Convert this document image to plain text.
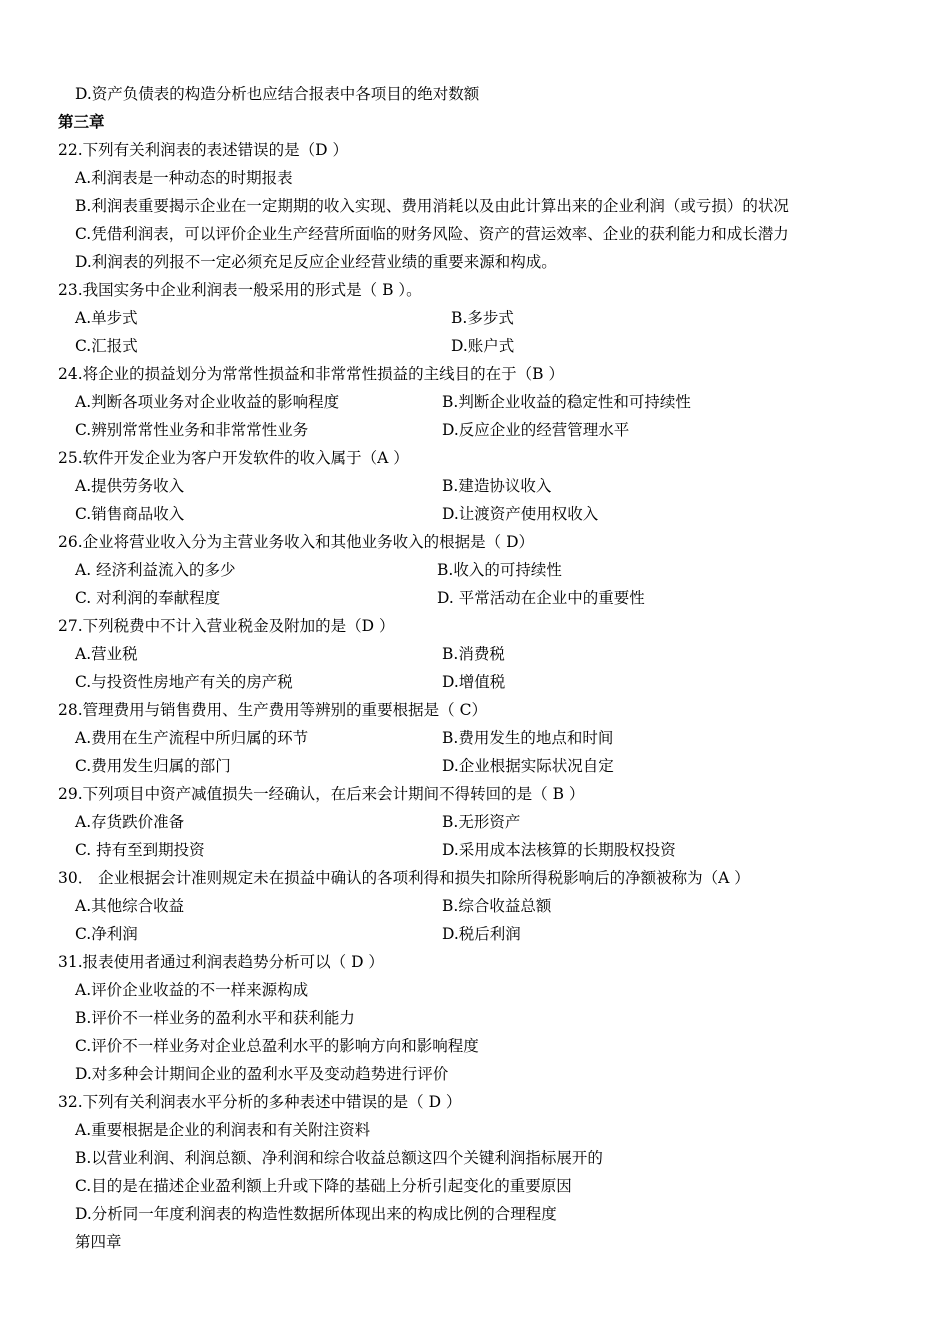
D.资产负债表的构造分析也应结合报表中各项目的绝对数额
第三章
22.下列有关利润表的表述错误的是（D ）
A.利润表是一种动态的时期报表
B.利润表重要揭示企业在一定期期的收入实现、费用消耗以及由此计算出来的企业利润（或亏损）的状况
C.凭借利润表，可以评价企业生产经营所面临的财务风险、资产的营运效率、企业的获利能力和成长潜力
D.利润表的列报不一定必须充足反应企业经营业绩的重要来源和构成。
23.我国实务中企业利润表一般采用的形式是（ B ）。
A.单步式	B.多步式
C.汇报式	D.账户式
24.将企业的损益划分为常常性损益和非常常性损益的主线目的在于（B ）
A.判断各项业务对企业收益的影响程度	B.判断企业收益的稳定性和可持续性
C.辨别常常性业务和非常常性业务	D.反应企业的经营管理水平
25.软件开发企业为客户开发软件的收入属于（A ）
A.提供劳务收入	B.建造协议收入
C.销售商品收入	D.让渡资产使用权收入
26.企业将营业收入分为主营业务收入和其他业务收入的根据是（ D）
A. 经济利益流入的多少	B.收入的可持续性
C. 对利润的奉献程度	D. 平常活动在企业中的重要性
27.下列税费中不计入营业税金及附加的是（D ）
A.营业税	B.消费税
C.与投资性房地产有关的房产税	D.增值税
28.管理费用与销售费用、生产费用等辨别的重要根据是（ C）
A.费用在生产流程中所归属的环节	B.费用发生的地点和时间
C.费用发生归属的部门	D.企业根据实际状况自定
29.下列项目中资产减值损失一经确认，在后来会计期间不得转回的是（ B ）
A.存货跌价准备	B.无形资产
C. 持有至到期投资	D.采用成本法核算的长期股权投资
30． 企业根据会计准则规定未在损益中确认的各项利得和损失扣除所得税影响后的净额被称为（A ）
A.其他综合收益	B.综合收益总额
C.净利润	D.税后利润
31.报表使用者通过利润表趋势分析可以（ D ）
A.评价企业收益的不一样来源构成
B.评价不一样业务的盈利水平和获利能力
C.评价不一样业务对企业总盈利水平的影响方向和影响程度
D.对多种会计期间企业的盈利水平及变动趋势进行评价
32.下列有关利润表水平分析的多种表述中错误的是（ D ）
A.重要根据是企业的利润表和有关附注资料
B.以营业利润、利润总额、净利润和综合收益总额这四个关键利润指标展开的
C.目的是在描述企业盈利额上升或下降的基础上分析引起变化的重要原因
D.分析同一年度利润表的构造性数据所体现出来的构成比例的合理程度
第四章
